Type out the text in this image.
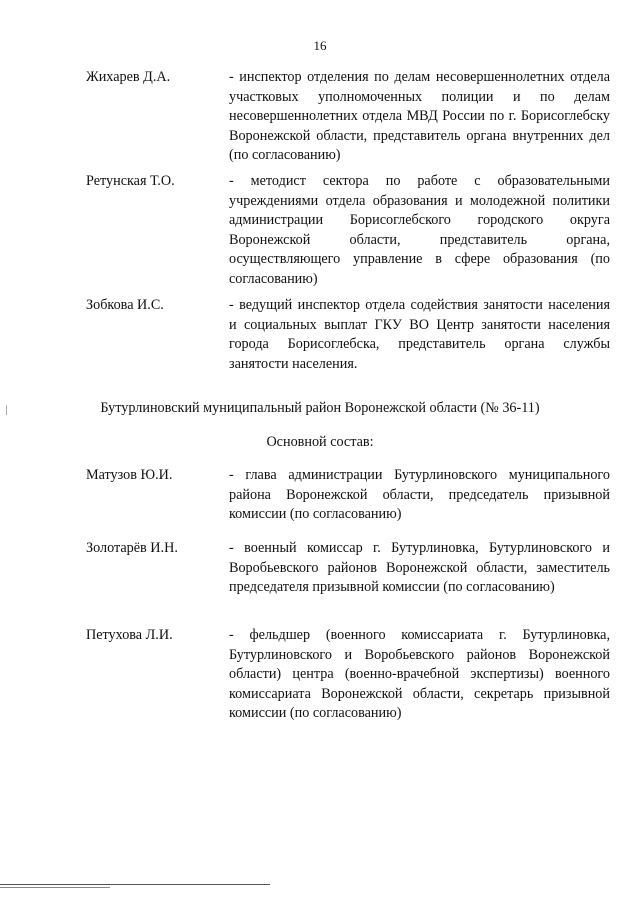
16
Жихарев Д.А.	- инспектор отделения по делам несовершеннолетних отдела участковых уполномоченных полиции и по делам несовершеннолетних отдела МВД России по г. Борисоглебску Воронежской области, представитель органа внутренних дел (по согласованию)
Ретунская Т.О.	- методист сектора по работе с образовательными учреждениями отдела образования и молодежной политики администрации Борисоглебского городского округа Воронежской области, представитель органа, осуществляющего управление в сфере образования (по согласованию)
Зобкова И.С.	- ведущий инспектор отдела содействия занятости населения и социальных выплат ГКУ ВО Центр занятости населения города Борисоглебска, представитель органа службы занятости населения.
Бутурлиновский муниципальный район Воронежской области (№ 36-11)
Основной состав:
Матузов Ю.И.	- глава администрации Бутурлиновского муниципального района Воронежской области, председатель призывной комиссии (по согласованию)
Золотарёв И.Н.	- военный комиссар г. Бутурлиновка, Бутурлиновского и Воробьевского районов Воронежской области, заместитель председателя призывной комиссии (по согласованию)
Петухова Л.И.	- фельдшер (военного комиссариата г. Бутурлиновка, Бутурлиновского и Воробьевского районов Воронежской области) центра (военно-врачебной экспертизы) военного комиссариата Воронежской области, секретарь призывной комиссии (по согласованию)
